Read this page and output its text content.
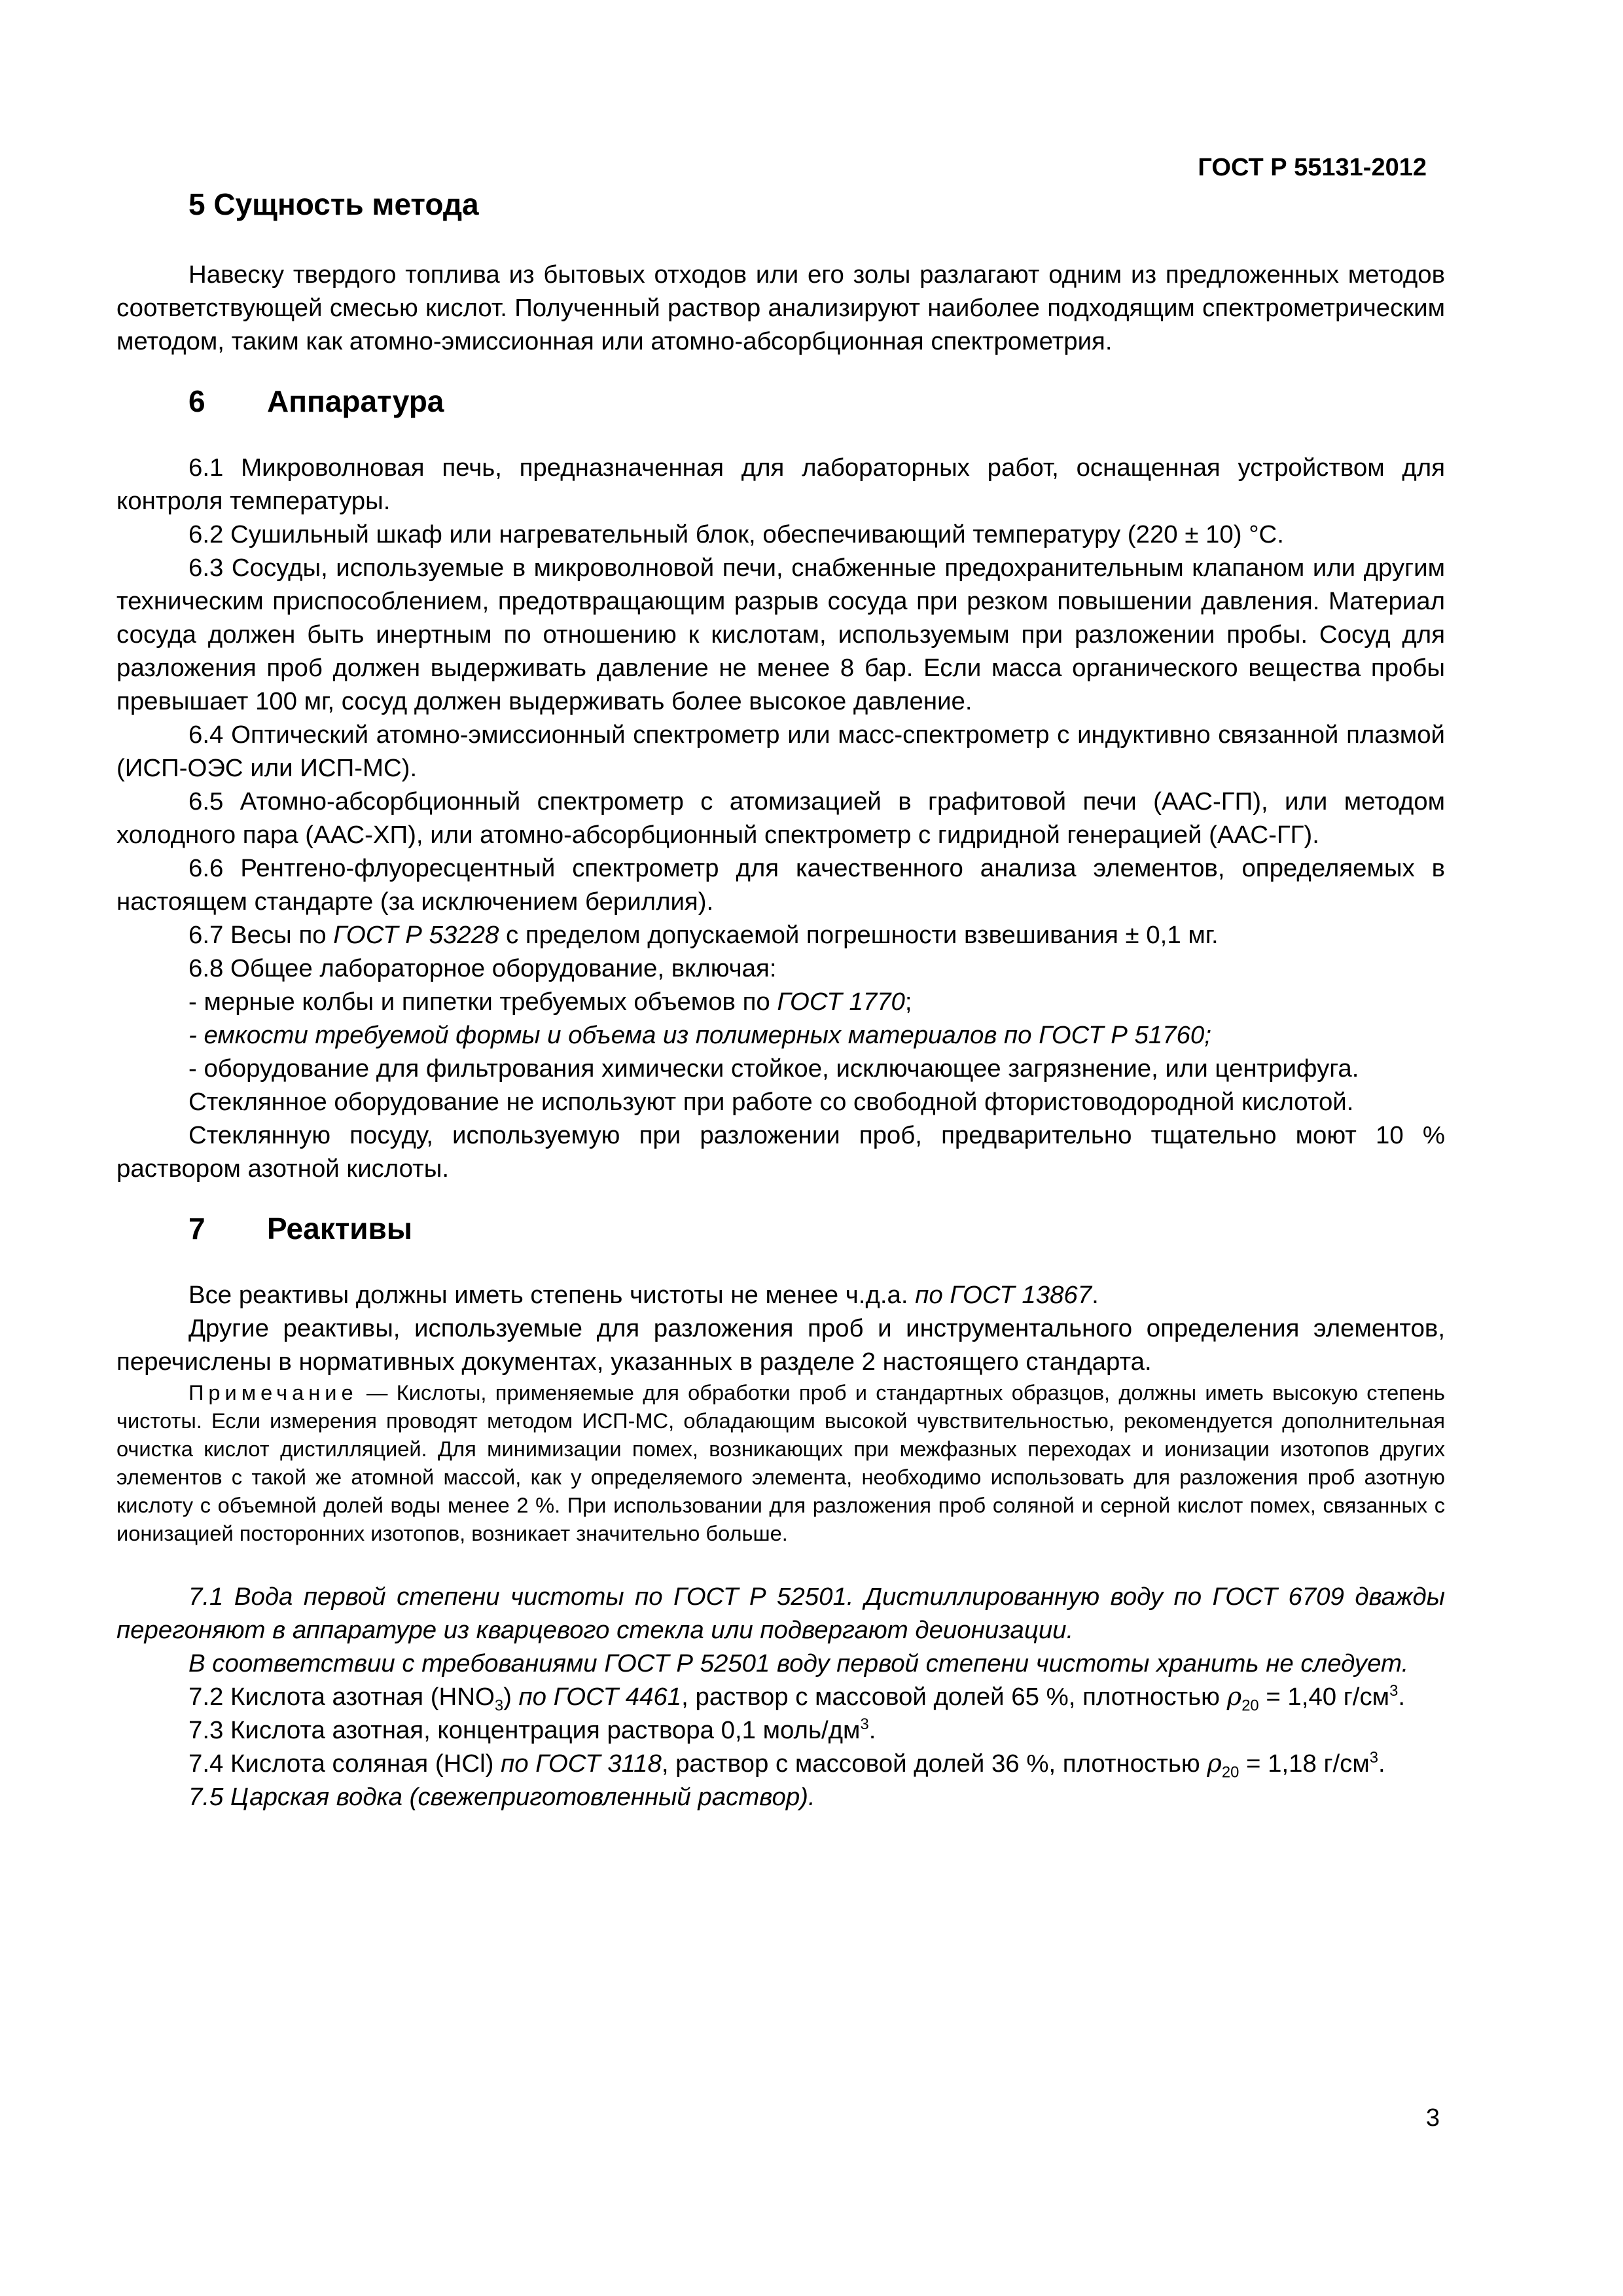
ГОСТ Р 55131-2012
5 Сущность метода

Навеску твердого топлива из бытовых отходов или его золы разлагают одним из предложенных методов соответствующей смесью кислот. Полученный раствор анализируют наиболее подходящим спектрометрическим методом, таким как атомно-эмиссионная или атомно-абсорбционная спектрометрия.

6 Аппаратура

6.1 Микроволновая печь, предназначенная для лабораторных работ, оснащенная устройством для контроля температуры.

6.2 Сушильный шкаф или нагревательный блок, обеспечивающий температуру (220 ± 10) °С.

6.3 Сосуды, используемые в микроволновой печи, снабженные предохранительным клапаном или другим техническим приспособлением, предотвращающим разрыв сосуда при резком повышении давления. Материал сосуда должен быть инертным по отношению к кислотам, используемым при разложении пробы. Сосуд для разложения проб должен выдерживать давление не менее 8 бар. Если масса органического вещества пробы превышает 100 мг, сосуд должен выдерживать более высокое давление.

6.4 Оптический атомно-эмиссионный спектрометр или масс-спектрометр с индуктивно связанной плазмой (ИСП-ОЭС или ИСП-МС).

6.5 Атомно-абсорбционный спектрометр с атомизацией в графитовой печи (ААС-ГП), или методом холодного пара (ААС-ХП), или атомно-абсорбционный спектрометр с гидридной генерацией (ААС-ГГ).

6.6 Рентгено-флуоресцентный спектрометр для качественного анализа элементов, определяемых в настоящем стандарте (за исключением бериллия).

6.7 Весы по ГОСТ Р 53228 с пределом допускаемой погрешности взвешивания ± 0,1 мг.

6.8 Общее лабораторное оборудование, включая:

- мерные колбы и пипетки требуемых объемов по ГОСТ 1770;

- емкости требуемой формы и объема из полимерных материалов по ГОСТ Р 51760;

- оборудование для фильтрования химически стойкое, исключающее загрязнение, или центрифуга.

Стеклянное оборудование не используют при работе со свободной фтористоводородной кислотой.

Стеклянную посуду, используемую при разложении проб, предварительно тщательно моют 10 % раствором азотной кислоты.

7 Реактивы

Все реактивы должны иметь степень чистоты не менее ч.д.а. по ГОСТ 13867.

Другие реактивы, используемые для разложения проб и инструментального определения элементов, перечислены в нормативных документах, указанных в разделе 2 настоящего стандарта.

Примечание — Кислоты, применяемые для обработки проб и стандартных образцов, должны иметь высокую степень чистоты. Если измерения проводят методом ИСП-МС, обладающим высокой чувствительностью, рекомендуется дополнительная очистка кислот дистилляцией. Для минимизации помех, возникающих при межфазных переходах и ионизации изотопов других элементов с такой же атомной массой, как у определяемого элемента, необходимо использовать для разложения проб азотную кислоту с объемной долей воды менее 2 %. При использовании для разложения проб соляной и серной кислот помех, связанных с ионизацией посторонних изотопов, возникает значительно больше.

7.1 Вода первой степени чистоты по ГОСТ Р 52501. Дистиллированную воду по ГОСТ 6709 дважды перегоняют в аппаратуре из кварцевого стекла или подвергают деионизации.

В соответствии с требованиями ГОСТ Р 52501 воду первой степени чистоты хранить не следует.

7.2 Кислота азотная $(HNO_3)$ по ГОСТ 4461, раствор с массовой долей 65 %, плотностью $\rho_{20} = 1,40$ $г/см^3$.

7.3 Кислота азотная, концентрация раствора 0,1 моль/$дм^3$.

7.4 Кислота соляная (HCl) по ГОСТ 3118, раствор с массовой долей 36 %, плотностью $\rho_{20} = 1,18$ $г/см^3$.

7.5 Царская водка (свежеприготовленный раствор).

3
